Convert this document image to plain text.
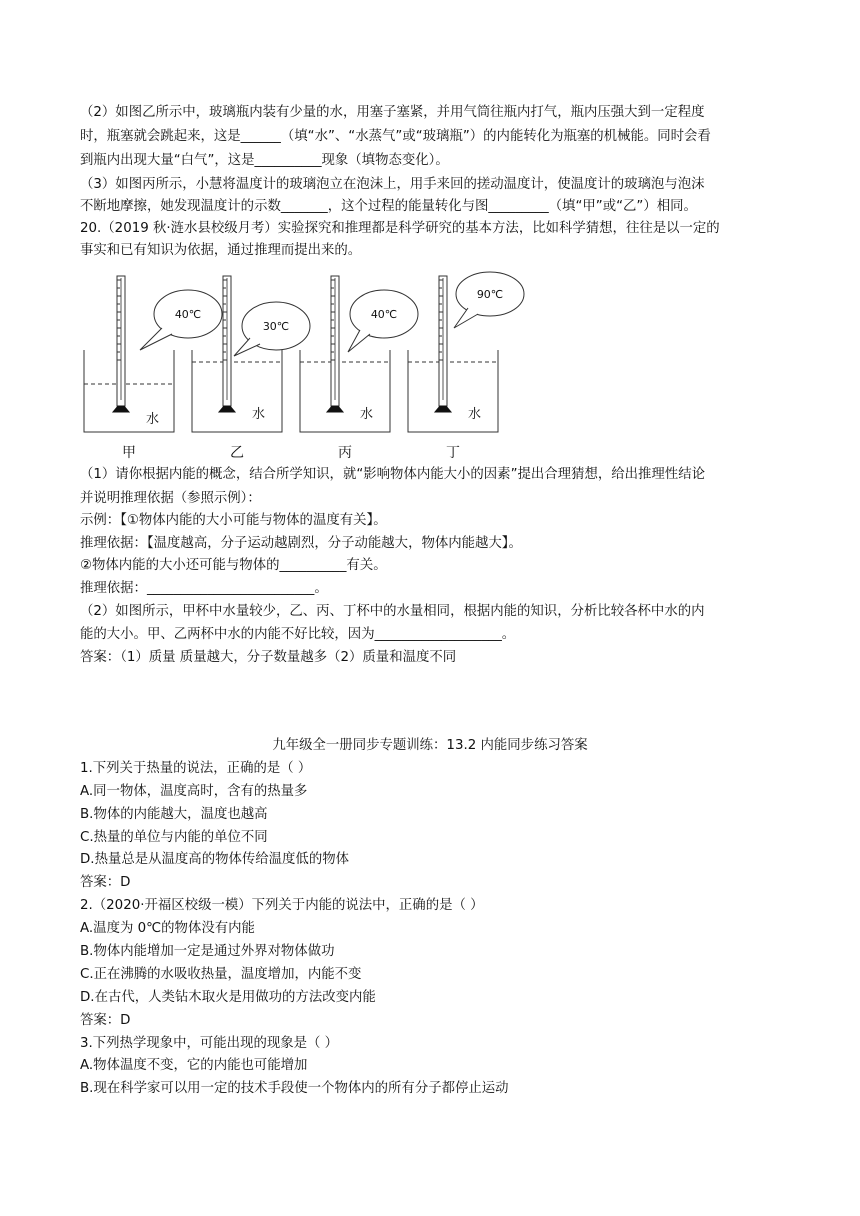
（2）如图乙所示中，玻璃瓶内装有少量的水，用塞子塞紧，并用气筒往瓶内打气，瓶内压强大到一定程度
时，瓶塞就会跳起来，这是______（填“水”、“水蒸气”或“玻璃瓶”）的内能转化为瓶塞的机械能。同时会看
到瓶内出现大量“白气”，这是__________现象（填物态变化）。
（3）如图丙所示，小慧将温度计的玻璃泡立在泡沫上，用手来回的搓动温度计，使温度计的玻璃泡与泡沫
不断地摩擦，她发现温度计的示数_______，这个过程的能量转化与图_________（填“甲”或“乙”）相同。
20.（2019 秋·涟水县校级月考）实验探究和推理都是科学研究的基本方法，比如科学猜想，往往是以一定的
事实和已有知识为依据，通过推理而提出来的。
40℃
30℃
40℃
90℃
水	水	水	水
甲	乙	丙	丁
（1）请你根据内能的概念，结合所学知识，就“影响物体内能大小的因素”提出合理猜想，给出推理性结论
并说明推理依据（参照示例）：
示例：【①物体内能的大小可能与物体的温度有关】。
推理依据：【温度越高，分子运动越剧烈，分子动能越大，物体内能越大】。
②物体内能的大小还可能与物体的__________有关。
推理依据：_________________________。
（2）如图所示，甲杯中水量较少，乙、丙、丁杯中的水量相同，根据内能的知识，分析比较各杯中水的内
能的大小。甲、乙两杯中水的内能不好比较，因为___________________。
答案：（1）质量 质量越大，分子数量越多（2）质量和温度不同
九年级全一册同步专题训练：13.2 内能同步练习答案
1.下列关于热量的说法，正确的是（ ）
A.同一物体，温度高时，含有的热量多
B.物体的内能越大，温度也越高
C.热量的单位与内能的单位不同
D.热量总是从温度高的物体传给温度低的物体
答案：D
2.（2020·开福区校级一模）下列关于内能的说法中，正确的是（ ）
A.温度为 0℃的物体没有内能
B.物体内能增加一定是通过外界对物体做功
C.正在沸腾的水吸收热量，温度增加，内能不变
D.在古代，人类钻木取火是用做功的方法改变内能
答案：D
3.下列热学现象中，可能出现的现象是（ ）
A.物体温度不变，它的内能也可能增加
B.现在科学家可以用一定的技术手段使一个物体内的所有分子都停止运动
